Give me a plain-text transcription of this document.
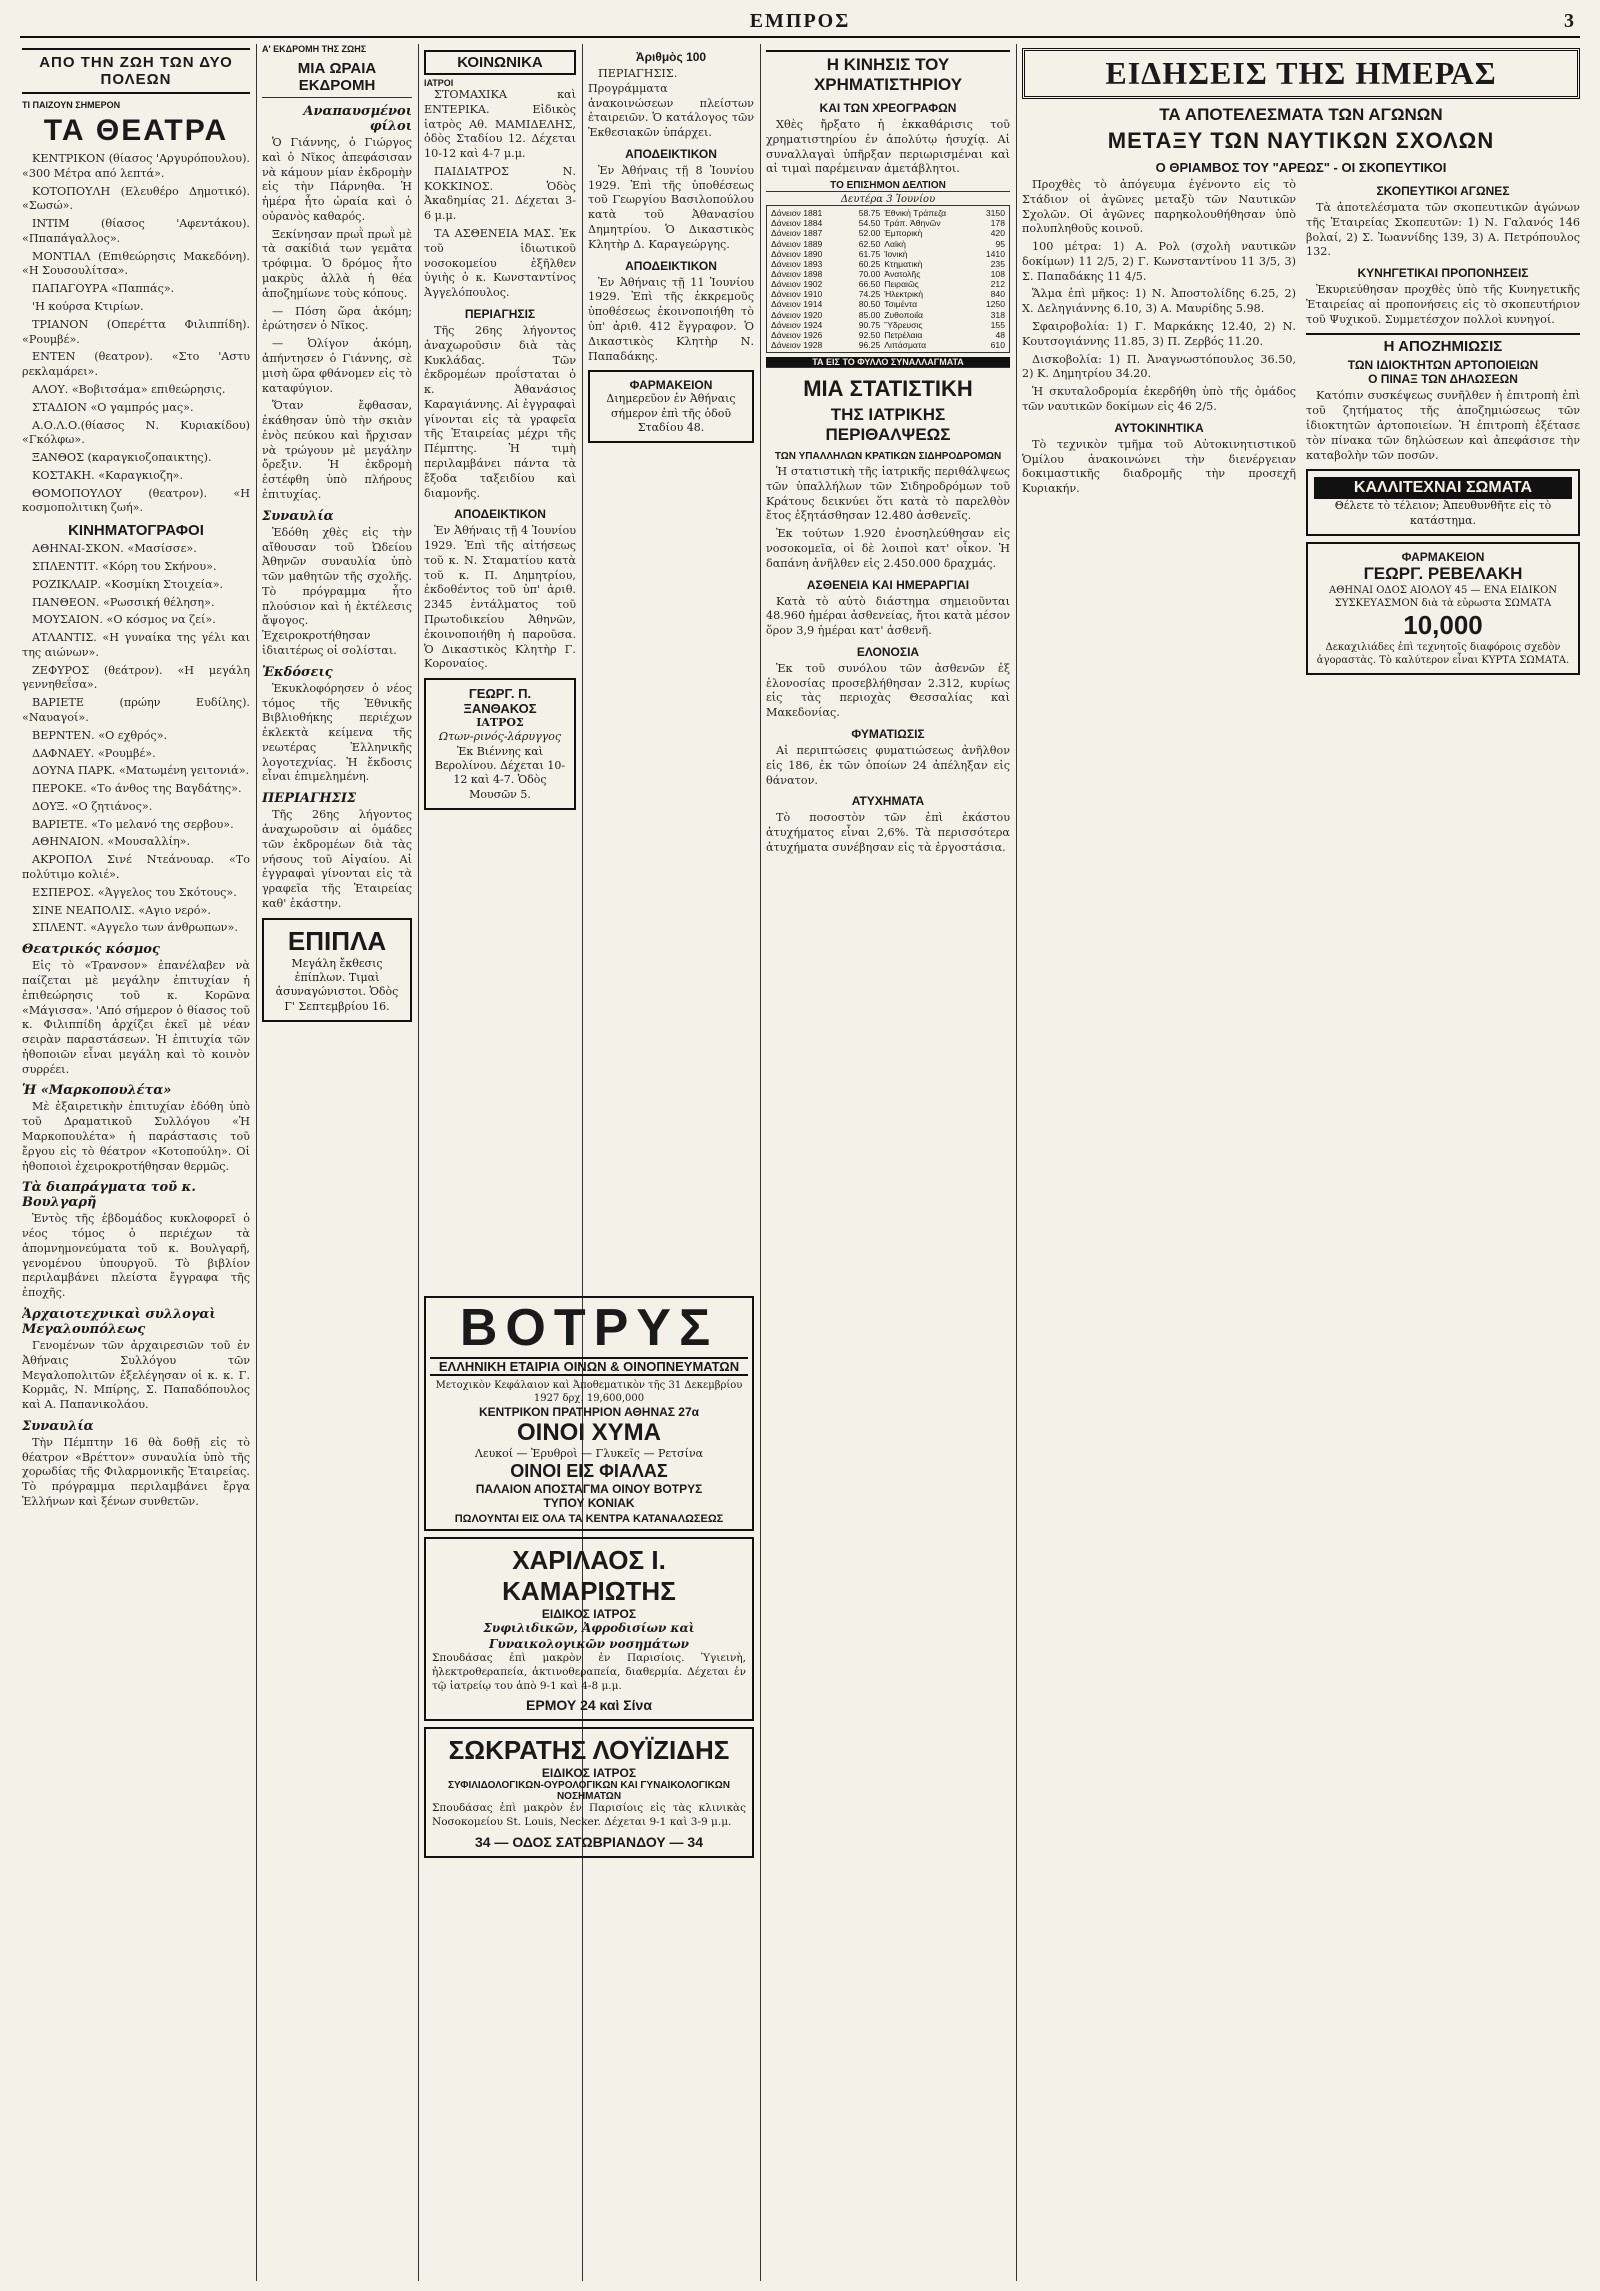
ΕΜΠΡΟΣ	3
ΑΠΟ ΤΗΝ ΖΩΗ ΤΩΝ ΔΥΟ ΠΟΛΕΩΝ
ΤΙ ΠΑΙΖΟΥΝ ΣΗΜΕΡΟΝ
ΤΑ ΘΕΑΤΡΑ

ΚΕΝΤΡΙΚΟΝ (θίασος 'Αργυρόπουλου). «300 Μέτρα από λεπτά».

ΚΟΤΟΠΟΥΛΗ (Ελευθέρο Δημοτικό). «Σωσώ».

ΙΝΤΙΜ (θίασος 'Αφεντάκου). «Ππαπάγαλλος».

ΜΟΝΤΙΑΛ (Επιθεώρησις Μακεδόνη). «Η Σουσουλίτσα».

ΠΑΠΑΓΟΥΡΑ «Παππάς».

'Η κούρσα Κτιρίων.

ΤΡΙΑΝΟΝ (Οπερέττα Φιλιππίδη). «Ρουμβέ».

ΕΝΤΕΝ (θεατρον). «Στο 'Αστυ ρεκλαμάρει».

ΑΛΟΥ. «Βοβιτσάμα» επιθεώρησις.

ΣΤΑΔΙΟΝ «Ο γαμπρός μας».

Α.Ο.Λ.Ο.(θίασος Ν. Κυριακίδου) «Γκόλφω».

ΞΑΝΘΟΣ (καραγκιοζοπαικτης).

ΚΟΣΤΑΚΗ. «Καραγκιοζη».

ΘΟΜΟΠΟΥΛΟΥ (θεατρον). «Η κοσμοπολιτικη ζωή».

ΚΙΝΗΜΑΤΟΓΡΑΦΟΙ

ΑΘΗΝΑΙ-ΣΚΟΝ. «Μασίσσε».

ΣΠΛΕΝΤΙΤ. «Κόρη του Σκήνου».

ΡΟΖΙΚΛΑΙΡ. «Κοσμίκη Στοιχεία».

ΠΑΝΘΕΟΝ. «Ρωσσική θέληση».

ΜΟΥΣΑΙΟΝ. «Ο κόσμος να ζεί».

ΑΤΛΑΝΤΙΣ. «Η γυναίκα της γέλι και της αιώνων».

ΖΕΦΥΡΟΣ (θεάτρον). «Η μεγάλη γεννηθεΐσα».

ΒΑΡΙΕΤΕ (πρώην Ευδίλης). «Ναυαγοί».

ΒΕΡΝΤΕΝ. «Ο εχθρός».

ΔΑΦΝΑΕΥ. «Ρουμβέ».

ΔΟΥΝΑ ΠΑΡΚ. «Ματωμένη γειτονιά».

ΠΕΡΟΚΕ. «Το άνθος της Βαγδάτης».

ΔΟΥΞ. «Ο ζητιάνος».

ΒΑΡΙΕΤΕ. «Το μελανό της σερβου».

ΑΘΗΝΑΙΟΝ. «Μουσαλλίη».

ΑΚΡΟΠΟΛ Σινέ Ντεάνουαρ. «Το πολύτιμο κολιέ».

ΕΣΠΕΡΟΣ. «Άγγελος του Σκότους».

ΣΙΝΕ ΝΕΑΠΟΛΙΣ. «Αγιο νερό».

ΣΠΛΕΝΤ. «Αγγελο των άνθρωπων».

Θεατρικός κόσμος

Εἰς τὸ «Τρανσον» ἐπανέλαβεν νὰ παίζεται μὲ μεγάλην ἐπιτυχίαν ἡ ἐπιθεώρησις τοῦ κ. Κορῶνα «Μάγισσα». 'Από σήμερον ὁ θίασος τοῦ κ. Φιλιππίδη ἀρχίζει ἐκεῖ μὲ νέαν σειρὰν παραστάσεων. Ἡ ἐπιτυχία τῶν ἠθοποιῶν εἶναι μεγάλη καὶ τὸ κοινὸν συρρέει.

Ἡ «Μαρκοπουλέτα»

Μὲ ἐξαιρετικὴν ἐπιτυχίαν ἐδόθη ὑπὸ τοῦ Δραματικοῦ Συλλόγου «Ἡ Μαρκοπουλέτα» ἡ παράστασις τοῦ ἔργου εἰς τὸ θέατρον «Κοτοπούλη». Οἱ ἠθοποιοὶ ἐχειροκροτήθησαν θερμῶς.

Τὰ διαπράγματα τοῦ κ. Βουλγαρῆ

Ἐντὸς τῆς ἑβδομάδος κυκλοφορεῖ ὁ νέος τόμος ὁ περιέχων τὰ ἀπομνημονεύματα τοῦ κ. Βουλγαρῆ, γενομένου ὑπουργοῦ. Τὸ βιβλίον περιλαμβάνει πλείστα ἔγγραφα τῆς ἐποχῆς.

Ἀρχαιοτεχνικαὶ συλλογαὶ Μεγαλουπόλεως

Γενομένων τῶν ἀρχαιρεσιῶν τοῦ ἐν Ἀθήναις Συλλόγου τῶν Μεγαλοπολιτῶν ἐξελέγησαν οἱ κ. κ. Γ. Κορμᾶς, Ν. Μπίρης, Σ. Παπαδόπουλος καὶ Α. Παπανικολάου.

Συναυλία

Τὴν Πέμπτην 16 θὰ δοθῇ εἰς τὸ θέατρον «Βρέττον» συναυλία ὑπὸ τῆς χορωδίας τῆς Φιλαρμονικῆς Ἑταιρείας. Τὸ πρόγραμμα περιλαμβάνει ἔργα Ἑλλήνων καὶ ξένων συνθετῶν.

Α' ΕΚΔΡΟΜΗ ΤΗΣ ΖΩΗΣ
ΜΙΑ ΩΡΑΙΑ ΕΚΔΡΟΜΗ
Αναπαυσμένοι φίλοι

Ὁ Γιάννης, ὁ Γιώργος καὶ ὁ Νῖκος ἀπεφάσισαν νὰ κάμουν μίαν ἐκδρομὴν εἰς τὴν Πάρνηθα. Ἡ ἡμέρα ἦτο ὡραία καὶ ὁ οὐρανὸς καθαρός.

Ξεκίνησαν πρωῒ πρωῒ μὲ τὰ σακίδιά των γεμᾶτα τρόφιμα. Ὁ δρόμος ἦτο μακρὺς ἀλλὰ ἡ θέα ἀποζημίωνε τοὺς κόπους.

— Πόση ὥρα ἀκόμη; ἐρώτησεν ὁ Νῖκος.

— Ὀλίγον ἀκόμη, ἀπήντησεν ὁ Γιάννης, σὲ μισὴ ὥρα φθάνομεν εἰς τὸ καταφύγιον.

Ὅταν ἔφθασαν, ἐκάθησαν ὑπὸ τὴν σκιὰν ἑνὸς πεύκου καὶ ἤρχισαν νὰ τρώγουν μὲ μεγάλην ὄρεξιν. Ἡ ἐκδρομὴ ἐστέφθη ὑπὸ πλήρους ἐπιτυχίας.

Συναυλία

Ἐδόθη χθὲς εἰς τὴν αἴθουσαν τοῦ Ὠδείου Ἀθηνῶν συναυλία ὑπὸ τῶν μαθητῶν τῆς σχολῆς. Τὸ πρόγραμμα ἦτο πλούσιον καὶ ἡ ἐκτέλεσις ἄψογος. Ἐχειροκροτήθησαν ἰδιαιτέρως οἱ σολίσται.

Ἐκδόσεις

Ἐκυκλοφόρησεν ὁ νέος τόμος τῆς Ἐθνικῆς Βιβλιοθήκης περιέχων ἐκλεκτὰ κείμενα τῆς νεωτέρας Ἑλληνικῆς λογοτεχνίας. Ἡ ἔκδοσις εἶναι ἐπιμελημένη.

ΠΕΡΙΑΓΗΣΙΣ

Τῆς 26ης λήγοντος ἀναχωροῦσιν αἱ ὁμάδες τῶν ἐκδρομέων διὰ τὰς νήσους τοῦ Αἰγαίου. Αἱ ἐγγραφαὶ γίνονται εἰς τὰ γραφεῖα τῆς Ἑταιρείας καθ' ἑκάστην.

ΕΠΙΠΛΑ
Μεγάλη ἔκθεσις ἐπίπλων. Τιμαὶ ἀσυναγώνιστοι. Ὁδὸς Γ' Σεπτεμβρίου 16.
ΚΟΙΝΩΝΙΚΑ
ΙΑΤΡΟΙ

ΣΤΟΜΑΧΙΚΑ καὶ ΕΝΤΕΡΙΚΑ. Εἰδικὸς ἰατρὸς Αθ. ΜΑΜΙΔΕΛΗΣ, ὁδὸς Σταδίου 12. Δέχεται 10-12 καὶ 4-7 μ.μ.

ΠΑΙΔΙΑΤΡΟΣ Ν. ΚΟΚΚΙΝΟΣ. Ὁδὸς Ἀκαδημίας 21. Δέχεται 3-6 μ.μ.

ΤΑ ΑΣΘΕΝΕΙΑ ΜΑΣ. Ἐκ τοῦ ἰδιωτικοῦ νοσοκομείου ἐξῆλθεν ὑγιὴς ὁ κ. Κωνσταντίνος Ἀγγελόπουλος.

ΠΕΡΙΑΓΗΣΙΣ

Τῆς 26ης λήγοντος ἀναχωροῦσιν διὰ τὰς Κυκλάδας. Τῶν ἐκδρομέων προΐσταται ὁ κ. Ἀθανάσιος Καραγιάννης. Αἱ ἐγγραφαὶ γίνονται εἰς τὰ γραφεῖα τῆς Ἑταιρείας μέχρι τῆς Πέμπτης. Ἡ τιμὴ περιλαμβάνει πάντα τὰ ἔξοδα ταξειδίου καὶ διαμονῆς.

ΑΠΟΔΕΙΚΤΙΚΟΝ

Ἐν Ἀθήναις τῇ 4 Ἰουνίου 1929. Ἐπὶ τῆς αἰτήσεως τοῦ κ. Ν. Σταματίου κατὰ τοῦ κ. Π. Δημητρίου, ἐκδοθέντος τοῦ ὑπ' ἀριθ. 2345 ἐντάλματος τοῦ Πρωτοδικείου Ἀθηνῶν, ἐκοινοποιήθη ἡ παροῦσα. Ὁ Δικαστικὸς Κλητὴρ Γ. Κοροναίος.

ΓΕΩΡΓ. Π. ΞΑΝΘΑΚΟΣ
ΙΑΤΡΟΣ
Ωτων-ρινός-λάρυγγος
Ἐκ Βιέννης καὶ Βερολίνου. Δέχεται 10-12 καὶ 4-7. Ὁδὸς Μουσῶν 5.
Ἀριθμὸς 100

ΠΕΡΙΑΓΗΣΙΣ. Προγράμματα ἀνακοινώσεων πλείστων ἐταιρειῶν. Ὁ κατάλογος τῶν Ἐκθεσιακῶν ὑπάρχει.

ΑΠΟΔΕΙΚΤΙΚΟΝ

Ἐν Ἀθήναις τῇ 8 Ἰουνίου 1929. Ἐπὶ τῆς ὑποθέσεως τοῦ Γεωργίου Βασιλοπούλου κατὰ τοῦ Ἀθανασίου Δημητρίου. Ὁ Δικαστικὸς Κλητὴρ Δ. Καραγεώργης.

ΑΠΟΔΕΙΚΤΙΚΟΝ

Ἐν Ἀθήναις τῇ 11 Ἰουνίου 1929. Ἐπὶ τῆς ἐκκρεμοῦς ὑποθέσεως ἐκοινοποιήθη τὸ ὑπ' ἀριθ. 412 ἔγγραφον. Ὁ Δικαστικὸς Κλητὴρ Ν. Παπαδάκης.

ΦΑΡΜΑΚΕΙΟΝ
Διημερεῦον ἐν Ἀθήναις σήμερον ἐπὶ τῆς ὁδοῦ Σταδίου 48.
ΒΟΤΡΥΣ
ΕΛΛΗΝΙΚΗ ΕΤΑΙΡΙΑ ΟΙΝΩΝ & ΟΙΝΟΠΝΕΥΜΑΤΩΝ
Μετοχικὸν Κεφάλαιον καὶ Ἀποθεματικὸν τῆς 31 Δεκεμβρίου 1927 δρχ. 19,600,000
ΚΕΝΤΡΙΚΟΝ ΠΡΑΤΗΡΙΟΝ ΑΘΗΝΑΣ 27α
ΟΙΝΟΙ ΧΥΜΑ
Λευκοί — Ἐρυθροὶ — Γλυκεῖς — Ρετσίνα
ΟΙΝΟΙ ΕΙΣ ΦΙΑΛΑΣ
ΠΑΛΑΙΟΝ ΑΠΟΣΤΑΓΜΑ ΟΙΝΟΥ ΒΟΤΡΥΣ
ΤΥΠΟΥ ΚΟΝΙΑΚ
ΠΩΛΟΥΝΤΑΙ ΕΙΣ ΟΛΑ ΤΑ ΚΕΝΤΡΑ ΚΑΤΑΝΑΛΩΣΕΩΣ
ΧΑΡΙΛΑΟΣ Ι. ΚΑΜΑΡΙΩΤΗΣ
ΕΙΔΙΚΟΣ ΙΑΤΡΟΣ
Συφιλιδικῶν, Ἀφροδισίων καὶ Γυναικολογικῶν νοσημάτων
Σπουδάσας ἐπὶ μακρὸν ἐν Παρισίοις. Ὑγιεινὴ, ἠλεκτροθεραπεία, ἀκτινοθεραπεία, διαθερμία. Δέχεται ἐν τῷ ἰατρείῳ του ἀπὸ 9-1 καὶ 4-8 μ.μ.
ΕΡΜΟΥ 24 καὶ Σίνα
ΣΩΚΡΑΤΗΣ ΛΟΥΪΖΙΔΗΣ
ΕΙΔΙΚΟΣ ΙΑΤΡΟΣ
ΣΥΦΙΛΙΔΟΛΟΓΙΚΩΝ-ΟΥΡΟΛΟΓΙΚΩΝ ΚΑΙ ΓΥΝΑΙΚΟΛΟΓΙΚΩΝ ΝΟΣΗΜΑΤΩΝ
Σπουδάσας ἐπὶ μακρὸν ἐν Παρισίοις εἰς τὰς κλινικὰς Νοσοκομείου St. Louis, Necker. Δέχεται 9-1 καὶ 3-9 μ.μ.
34 — ΟΔΟΣ ΣΑΤΩΒΡΙΑΝΔΟΥ — 34
Η ΚΙΝΗΣΙΣ ΤΟΥ ΧΡΗΜΑΤΙΣΤΗΡΙΟΥ
ΚΑΙ ΤΩΝ ΧΡΕΟΓΡΑΦΩΝ

Χθὲς ἤρξατο ἡ ἐκκαθάρισις τοῦ χρηματιστηρίου ἐν ἀπολύτῳ ἡσυχίᾳ. Αἱ συναλλαγαὶ ὑπῆρξαν περιωρισμέναι καὶ αἱ τιμαὶ παρέμειναν ἀμετάβλητοι.

ΤΟ ΕΠΙΣΗΜΟΝ ΔΕΛΤΙΟΝ
Δευτέρα 3 Ἰουνίου
Δάνειον 1881	58.75	Ἐθνικὴ Τράπεζα	3150
Δάνειον 1884	54.50	Τράπ. Ἀθηνῶν	178
Δάνειον 1887	52.00	Ἐμπορικὴ	420
Δάνειον 1889	62.50	Λαϊκὴ	95
Δάνειον 1890	61.75	Ἰονικὴ	1410
Δάνειον 1893	60.25	Κτηματικὴ	235
Δάνειον 1898	70.00	Ἀνατολῆς	108
Δάνειον 1902	66.50	Πειραιῶς	212
Δάνειον 1910	74.25	Ἡλεκτρικὴ	840
Δάνειον 1914	80.50	Τσιμέντα	1250
Δάνειον 1920	85.00	Ζυθοποιΐα	318
Δάνειον 1924	90.75	Ὕδρευσις	155
Δάνειον 1926	92.50	Πετρέλαια	48
Δάνειον 1928	96.25	Λιπάσματα	610
ΤΑ ΕΙΣ ΤΟ ΦΥΛΛΟ ΣΥΝΑΛΛΑΓΜΑΤΑ
ΜΙΑ ΣΤΑΤΙΣΤΙΚΗ
ΤΗΣ ΙΑΤΡΙΚΗΣ ΠΕΡΙΘΑΛΨΕΩΣ
ΤΩΝ ΥΠΑΛΛΗΛΩΝ ΚΡΑΤΙΚΩΝ ΣΙΔΗΡΟΔΡΟΜΩΝ

Ἡ στατιστικὴ τῆς ἰατρικῆς περιθάλψεως τῶν ὑπαλλήλων τῶν Σιδηροδρόμων τοῦ Κράτους δεικνύει ὅτι κατὰ τὸ παρελθὸν ἔτος ἐξητάσθησαν 12.480 ἀσθενεῖς.

Ἐκ τούτων 1.920 ἐνοσηλεύθησαν εἰς νοσοκομεῖα, οἱ δὲ λοιποὶ κατ' οἶκον. Ἡ δαπάνη ἀνῆλθεν εἰς 2.450.000 δραχμάς.

ΑΣΘΕΝΕΙΑ ΚΑΙ ΗΜΕΡΑΡΓΙΑΙ

Κατὰ τὸ αὐτὸ διάστημα σημειοῦνται 48.960 ἡμέραι ἀσθενείας, ἤτοι κατὰ μέσον ὅρον 3,9 ἡμέραι κατ' ἀσθενῆ.

ΕΛΟΝΟΣΙΑ

Ἐκ τοῦ συνόλου τῶν ἀσθενῶν ἐξ ἑλονοσίας προσεβλήθησαν 2.312, κυρίως εἰς τὰς περιοχὰς Θεσσαλίας καὶ Μακεδονίας.

ΦΥΜΑΤΙΩΣΙΣ

Αἱ περιπτώσεις φυματιώσεως ἀνῆλθον εἰς 186, ἐκ τῶν ὁποίων 24 ἀπέληξαν εἰς θάνατον.

ΑΤΥΧΗΜΑΤΑ

Τὸ ποσοστὸν τῶν ἐπὶ ἐκάστου ἀτυχήματος εἶναι 2,6%. Τὰ περισσότερα ἀτυχήματα συνέβησαν εἰς τὰ ἐργοστάσια.

ΕΙΔΗΣΕΙΣ ΤΗΣ ΗΜΕΡΑΣ
ΤΑ ΑΠΟΤΕΛΕΣΜΑΤΑ ΤΩΝ ΑΓΩΝΩΝ
ΜΕΤΑΞΥ ΤΩΝ ΝΑΥΤΙΚΩΝ ΣΧΟΛΩΝ
Ο ΘΡΙΑΜΒΟΣ ΤΟΥ "ΑΡΕΩΣ" - ΟΙ ΣΚΟΠΕΥΤΙΚΟΙ

Προχθὲς τὸ ἀπόγευμα ἐγένοντο εἰς τὸ Στάδιον οἱ ἀγῶνες μεταξὺ τῶν Ναυτικῶν Σχολῶν. Οἱ ἀγῶνες παρηκολουθήθησαν ὑπὸ πολυπληθοῦς κοινοῦ.

100 μέτρα: 1) Α. Ρολ (σχολὴ ναυτικῶν δοκίμων) 11 2/5, 2) Γ. Κωνσταντίνου 11 3/5, 3) Σ. Παπαδάκης 11 4/5.

Ἅλμα ἐπὶ μῆκος: 1) Ν. Ἀποστολίδης 6.25, 2) Χ. Δεληγιάννης 6.10, 3) Α. Μαυρίδης 5.98.

Σφαιροβολία: 1) Γ. Μαρκάκης 12.40, 2) Ν. Κουτσογιάννης 11.85, 3) Π. Ζερβός 11.20.

Δισκοβολία: 1) Π. Ἀναγνωστόπουλος 36.50, 2) Κ. Δημητρίου 34.20.

Ἡ σκυταλοδρομία ἐκερδήθη ὑπὸ τῆς ὁμάδος τῶν ναυτικῶν δοκίμων εἰς 46 2/5.

ΑΥΤΟΚΙΝΗΤΙΚΑ

Τὸ τεχνικὸν τμῆμα τοῦ Αὐτοκινητιστικοῦ Ὁμίλου ἀνακοινώνει τὴν διενέργειαν δοκιμαστικῆς διαδρομῆς τὴν προσεχῆ Κυριακήν.

ΣΚΟΠΕΥΤΙΚΟΙ ΑΓΩΝΕΣ

Τὰ ἀποτελέσματα τῶν σκοπευτικῶν ἀγώνων τῆς Ἑταιρείας Σκοπευτῶν: 1) Ν. Γαλανός 146 βολαί, 2) Σ. Ἰωαννίδης 139, 3) Α. Πετρόπουλος 132.

ΚΥΝΗΓΕΤΙΚΑΙ ΠΡΟΠΟΝΗΣΕΙΣ

Ἐκυριεύθησαν προχθὲς ὑπὸ τῆς Κυνηγετικῆς Ἑταιρείας αἱ προπονήσεις εἰς τὸ σκοπευτήριον τοῦ Ψυχικοῦ. Συμμετέσχον πολλοὶ κυνηγοί.

Η ΑΠΟΖΗΜΙΩΣΙΣ
ΤΩΝ ΙΔΙΟΚΤΗΤΩΝ ΑΡΤΟΠΟΙΕΙΩΝ
Ο ΠΙΝΑΞ ΤΩΝ ΔΗΛΩΣΕΩΝ

Κατόπιν συσκέψεως συνῆλθεν ἡ ἐπιτροπὴ ἐπὶ τοῦ ζητήματος τῆς ἀποζημιώσεως τῶν ἰδιοκτητῶν ἀρτοποιείων. Ἡ ἐπιτροπὴ ἐξέτασε τὸν πίνακα τῶν δηλώσεων καὶ ἀπεφάσισε τὴν καταβολὴν τῶν ποσῶν.

ΚΑΛΛΙΤΕΧΝΑΙ ΣΩΜΑΤΑ
Θέλετε τὸ τέλειον; Ἀπευθυνθῆτε εἰς τὸ κατάστημα.
ΦΑΡΜΑΚΕΙΟΝ
ΓΕΩΡΓ. ΡΕΒΕΛΑΚΗ
ΑΘΗΝΑΙ ΟΔΟΣ ΑΙΟΛΟΥ 45 — ΕΝΑ ΕΙΔΙΚΟΝ ΣΥΣΚΕΥΑΣΜΟΝ διὰ τὰ εὐρωστα ΣΩΜΑΤΑ
10,000
Δεκαχιλιάδες ἐπὶ τεχνητοῖς διαφόροις σχεδὸν ἀγοραστὰς. Τὸ καλύτερον εἶναι ΚΥΡΤΑ ΣΩΜΑΤΑ.
